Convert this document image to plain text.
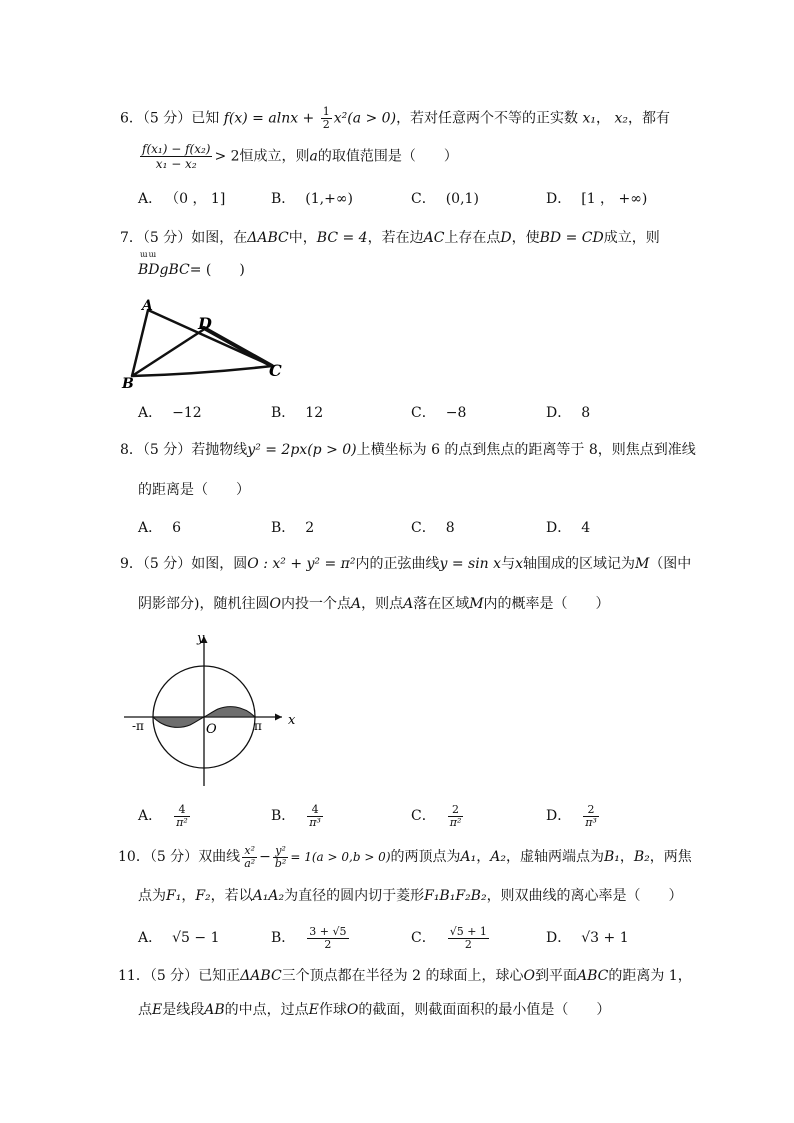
6．（5 分）已知 $f(x) = alnx + \frac{1}{2} x^2(a > 0)$，若对任意两个不等的正实数 x₁， x₂，都有
$\frac{\text{f(x₁) − f(x₂)}}{\text{x₁ − x₂}} > 2$恒成立，则a的取值范围是（　　）
A． （0 ， 1]	B． (1,+∞)	C． (0,1)	D． [1 ， +∞)
7．（5 分）如图，在ΔABC中，BC = 4，若在边AC上存在点D，使BD = CD成立，则
ɯɯ
BDgBC= (　　)
A
D
B
C
A． −12	B． 12	C． −8	D． 8
8．（5 分）若抛物线y² = 2px(p > 0)上横坐标为 6 的点到焦点的距离等于 8，则焦点到准线
的距离是（　　）
A． 6	B． 2	C． 8	D． 4
9．（5 分）如图，圆O : x² + y² = π²内的正弦曲线y = sin x与x轴围成的区域记为M（图中
阴影部分)，随机往圆O内投一个点A，则点A落在区域M内的概率是（　　）
y
x
O
-π	π
A． $\frac{4}{\text{π²}}$	B． $\frac{4}{\text{π³}}$	C． $\frac{2}{\text{π²}}$	D． $\frac{2}{\text{π³}}$
10．（5 分）双曲线 $\frac{\text{x²}}{\text{a²}} - \frac{\text{y²}}{\text{b²}} = 1(a > 0,b > 0)$的两顶点为A₁，A₂，虚轴两端点为B₁，B₂，两焦
点为F₁，F₂，若以A₁A₂为直径的圆内切于菱形F₁B₁F₂B₂，则双曲线的离心率是（　　）
A． √5 − 1	B． $\frac{3 + √5}{2}$	C． $\frac{√5 + 1}{2}$	D． √3 + 1
11．（5 分）已知正ΔABC三个顶点都在半径为 2 的球面上，球心O到平面ABC的距离为 1，
点E是线段AB的中点，过点E作球O的截面，则截面面积的最小值是（　　）
